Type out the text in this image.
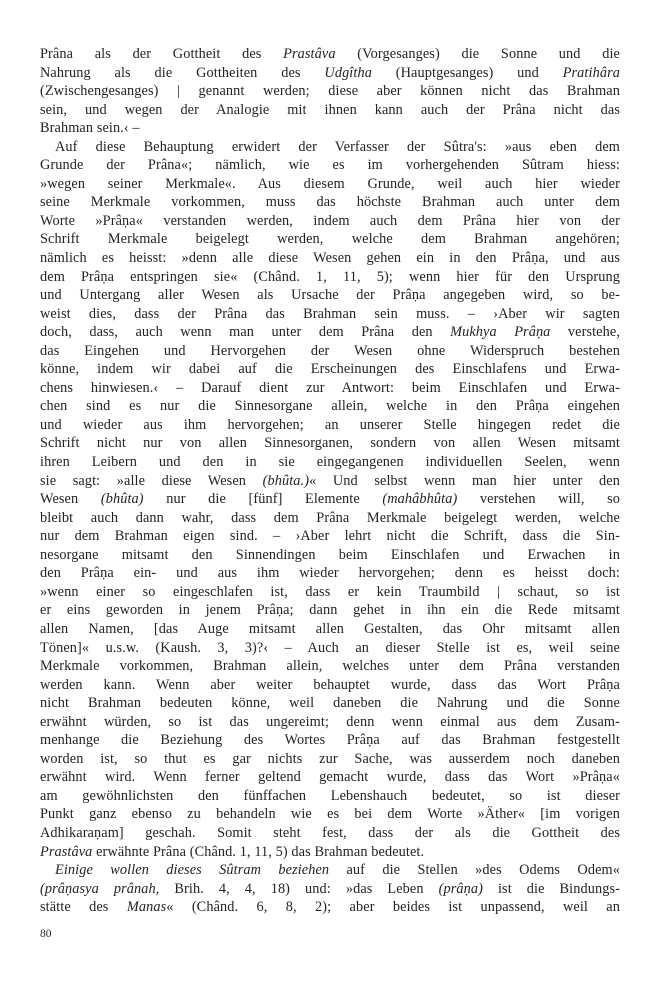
Prâna als der Gottheit des Prastâva (Vorgesanges) die Sonne und die
Nahrung als die Gottheiten des Udgîtha (Hauptgesanges) und Pratihâra
(Zwischengesanges) | genannt werden; diese aber können nicht das Brahman
sein, und wegen der Analogie mit ihnen kann auch der Prâna nicht das
Brahman sein.‹ –
Auf diese Behauptung erwidert der Verfasser der Sûtra's: »aus eben dem
Grunde der Prâna«; nämlich, wie es im vorhergehenden Sûtram hiess:
»wegen seiner Merkmale«. Aus diesem Grunde, weil auch hier wieder
seine Merkmale vorkommen, muss das höchste Brahman auch unter dem
Worte »Prâṇa« verstanden werden, indem auch dem Prâna hier von der
Schrift Merkmale beigelegt werden, welche dem Brahman angehören;
nämlich es heisst: »denn alle diese Wesen gehen ein in den Prâṇa, und aus
dem Prâṇa entspringen sie« (Chând. 1, 11, 5); wenn hier für den Ursprung
und Untergang aller Wesen als Ursache der Prâṇa angegeben wird, so be-
weist dies, dass der Prâna das Brahman sein muss. – ›Aber wir sagten
doch, dass, auch wenn man unter dem Prâna den Mukhya Prâṇa verstehe,
das Eingehen und Hervorgehen der Wesen ohne Widerspruch bestehen
könne, indem wir dabei auf die Erscheinungen des Einschlafens und Erwa-
chens hinwiesen.‹ – Darauf dient zur Antwort: beim Einschlafen und Erwa-
chen sind es nur die Sinnesorgane allein, welche in den Prâṇa eingehen
und wieder aus ihm hervorgehen; an unserer Stelle hingegen redet die
Schrift nicht nur von allen Sinnesorganen, sondern von allen Wesen mitsamt
ihren Leibern und den in sie eingegangenen individuellen Seelen, wenn
sie sagt: »alle diese Wesen (bhûta.)« Und selbst wenn man hier unter den
Wesen (bhûta) nur die [fünf] Elemente (mahâbhûta) verstehen will, so
bleibt auch dann wahr, dass dem Prâna Merkmale beigelegt werden, welche
nur dem Brahman eigen sind. – ›Aber lehrt nicht die Schrift, dass die Sin-
nesorgane mitsamt den Sinnendingen beim Einschlafen und Erwachen in
den Prâṇa ein- und aus ihm wieder hervorgehen; denn es heisst doch:
»wenn einer so eingeschlafen ist, dass er kein Traumbild | schaut, so ist
er eins geworden in jenem Prâṇa; dann gehet in ihn ein die Rede mitsamt
allen Namen, [das Auge mitsamt allen Gestalten, das Ohr mitsamt allen
Tönen]« u.s.w. (Kaush. 3, 3)?‹ – Auch an dieser Stelle ist es, weil seine
Merkmale vorkommen, Brahman allein, welches unter dem Prâna verstanden
werden kann. Wenn aber weiter behauptet wurde, dass das Wort Prâṇa
nicht Brahman bedeuten könne, weil daneben die Nahrung und die Sonne
erwähnt würden, so ist das ungereimt; denn wenn einmal aus dem Zusam-
menhange die Beziehung des Wortes Prâṇa auf das Brahman festgestellt
worden ist, so thut es gar nichts zur Sache, was ausserdem noch daneben
erwähnt wird. Wenn ferner geltend gemacht wurde, dass das Wort »Prâṇa«
am gewöhnlichsten den fünffachen Lebenshauch bedeutet, so ist dieser
Punkt ganz ebenso zu behandeln wie es bei dem Worte »Äther« [im vorigen
Adhikaraṇam] geschah. Somit steht fest, dass der als die Gottheit des
Prastâva erwähnte Prâna (Chând. 1, 11, 5) das Brahman bedeutet.
Einige wollen dieses Sûtram beziehen auf die Stellen »des Odems Odem«
(prâṇasya prânah, Brih. 4, 4, 18) und: »das Leben (prâṇa) ist die Bindungs-
stätte des Manas« (Chând. 6, 8, 2); aber beides ist unpassend, weil an
80
